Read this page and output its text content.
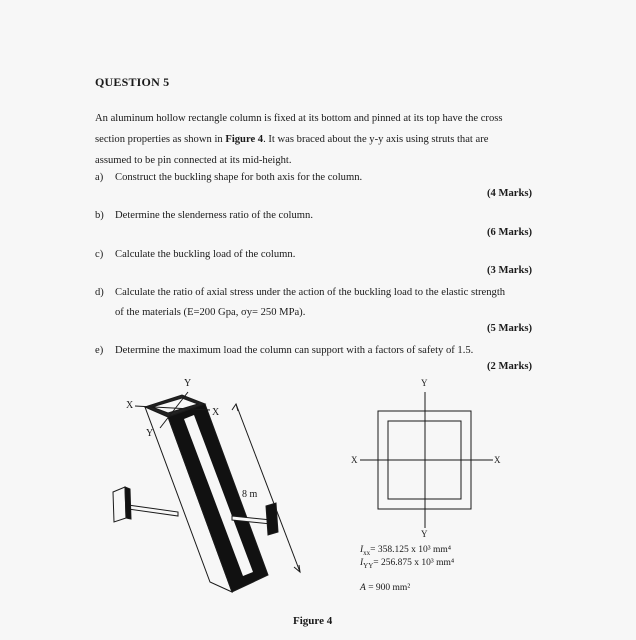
QUESTION 5
An aluminum hollow rectangle column is fixed at its bottom and pinned at its top have the cross
section properties as shown in Figure 4. It was braced about the y-y axis using struts that are
assumed to be pin connected at its mid-height.
a) Construct the buckling shape for both axis for the column.
(4 Marks)
b) Determine the slenderness ratio of the column.
(6 Marks)
c) Calculate the buckling load of the column.
(3 Marks)
d) Calculate the ratio of axial stress under the action of the buckling load to the elastic strength
of the materials (E=200 Gpa, σy= 250 MPa).
(5 Marks)
e) Determine the maximum load the column can support with a factors of safety of 1.5.
(2 Marks)
Y
X
X
Y
8 m
Y
Y
X	X
$I_{xx}= 358.125$ x 10³ mm⁴
$I_{YY}= 256.875$ x 10³ mm⁴
A = 900 mm²
Figure 4
